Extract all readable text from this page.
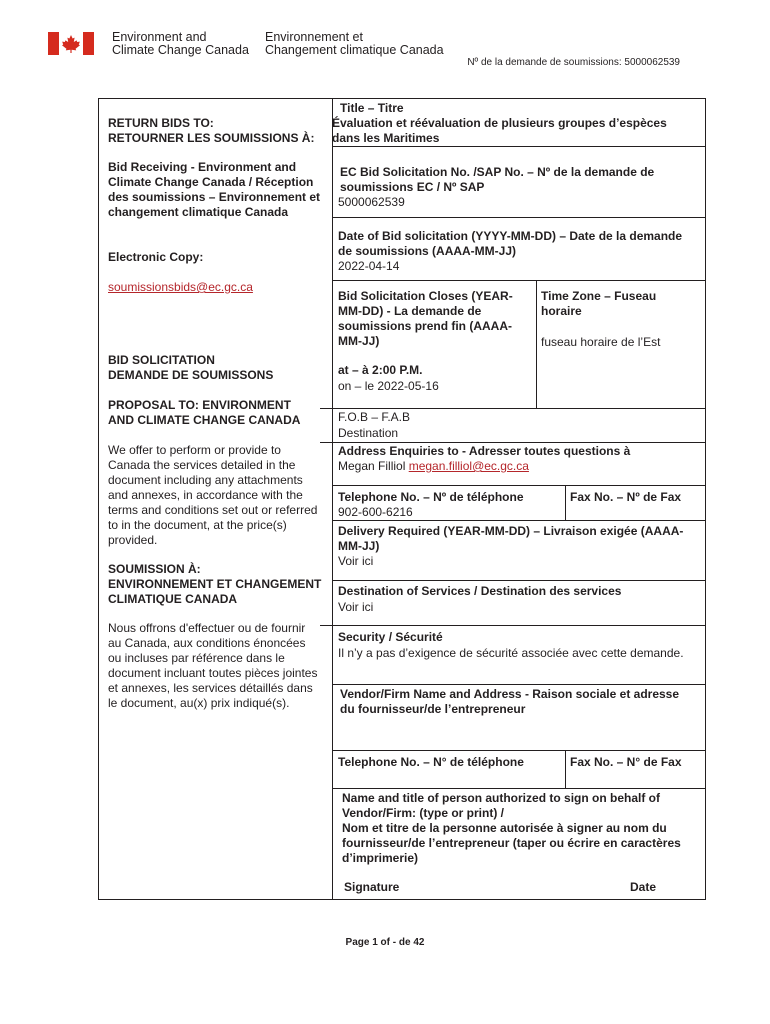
Environment and
Climate Change Canada
Environnement et
Changement climatique Canada
Nº de la demande de soumissions: 5000062539
RETURN BIDS TO:
RETOURNER LES SOUMISSIONS À:
Bid Receiving - Environment and
Climate Change Canada / Réception
des soumissions – Environnement et
changement climatique Canada
Electronic Copy:
soumissionsbids@ec.gc.ca
BID SOLICITATION
DEMANDE DE SOUMISSONS
PROPOSAL TO: ENVIRONMENT
AND CLIMATE CHANGE CANADA
We offer to perform or provide to
Canada the services detailed in the
document including any attachments
and annexes, in accordance with the
terms and conditions set out or referred
to in the document, at the price(s)
provided.
SOUMISSION À:
ENVIRONNEMENT ET CHANGEMENT
CLIMATIQUE CANADA
Nous offrons d'effectuer ou de fournir
au Canada, aux conditions énoncées
ou incluses par référence dans le
document incluant toutes pièces jointes
et annexes, les services détaillés dans
le document, au(x) prix indiqué(s).
Title – Titre
Évaluation et réévaluation de plusieurs groupes d’espèces
dans les Maritimes
EC Bid Solicitation No. /SAP No. – Nº de la demande de
soumissions EC / Nº SAP
5000062539
Date of Bid solicitation (YYYY-MM-DD) – Date de la demande
de soumissions (AAAA-MM-JJ)
2022-04-14
Bid Solicitation Closes (YEAR-
MM-DD) - La demande de
soumissions prend fin (AAAA-
MM-JJ)
at – à 2:00 P.M.
on – le 2022-05-16
Time Zone – Fuseau
horaire
fuseau horaire de l’Est
F.O.B – F.A.B
Destination
Address Enquiries to - Adresser toutes questions à
Megan Filliol megan.filliol@ec.gc.ca
Telephone No. – Nº de téléphone
902-600-6216
Fax No. – Nº de Fax
Delivery Required (YEAR-MM-DD) – Livraison exigée (AAAA-
MM-JJ)
Voir ici
Destination of Services / Destination des services
Voir ici
Security / Sécurité
Il n’y a pas d’exigence de sécurité associée avec cette demande.
Vendor/Firm Name and Address - Raison sociale et adresse
du fournisseur/de l’entrepreneur
Telephone No. – N° de téléphone	Fax No. – N° de Fax
Name and title of person authorized to sign on behalf of
Vendor/Firm: (type or print) /
Nom et titre de la personne autorisée à signer au nom du
fournisseur/de l’entrepreneur (taper ou écrire en caractères
d’imprimerie)
Signature	Date
Page 1 of - de 42
